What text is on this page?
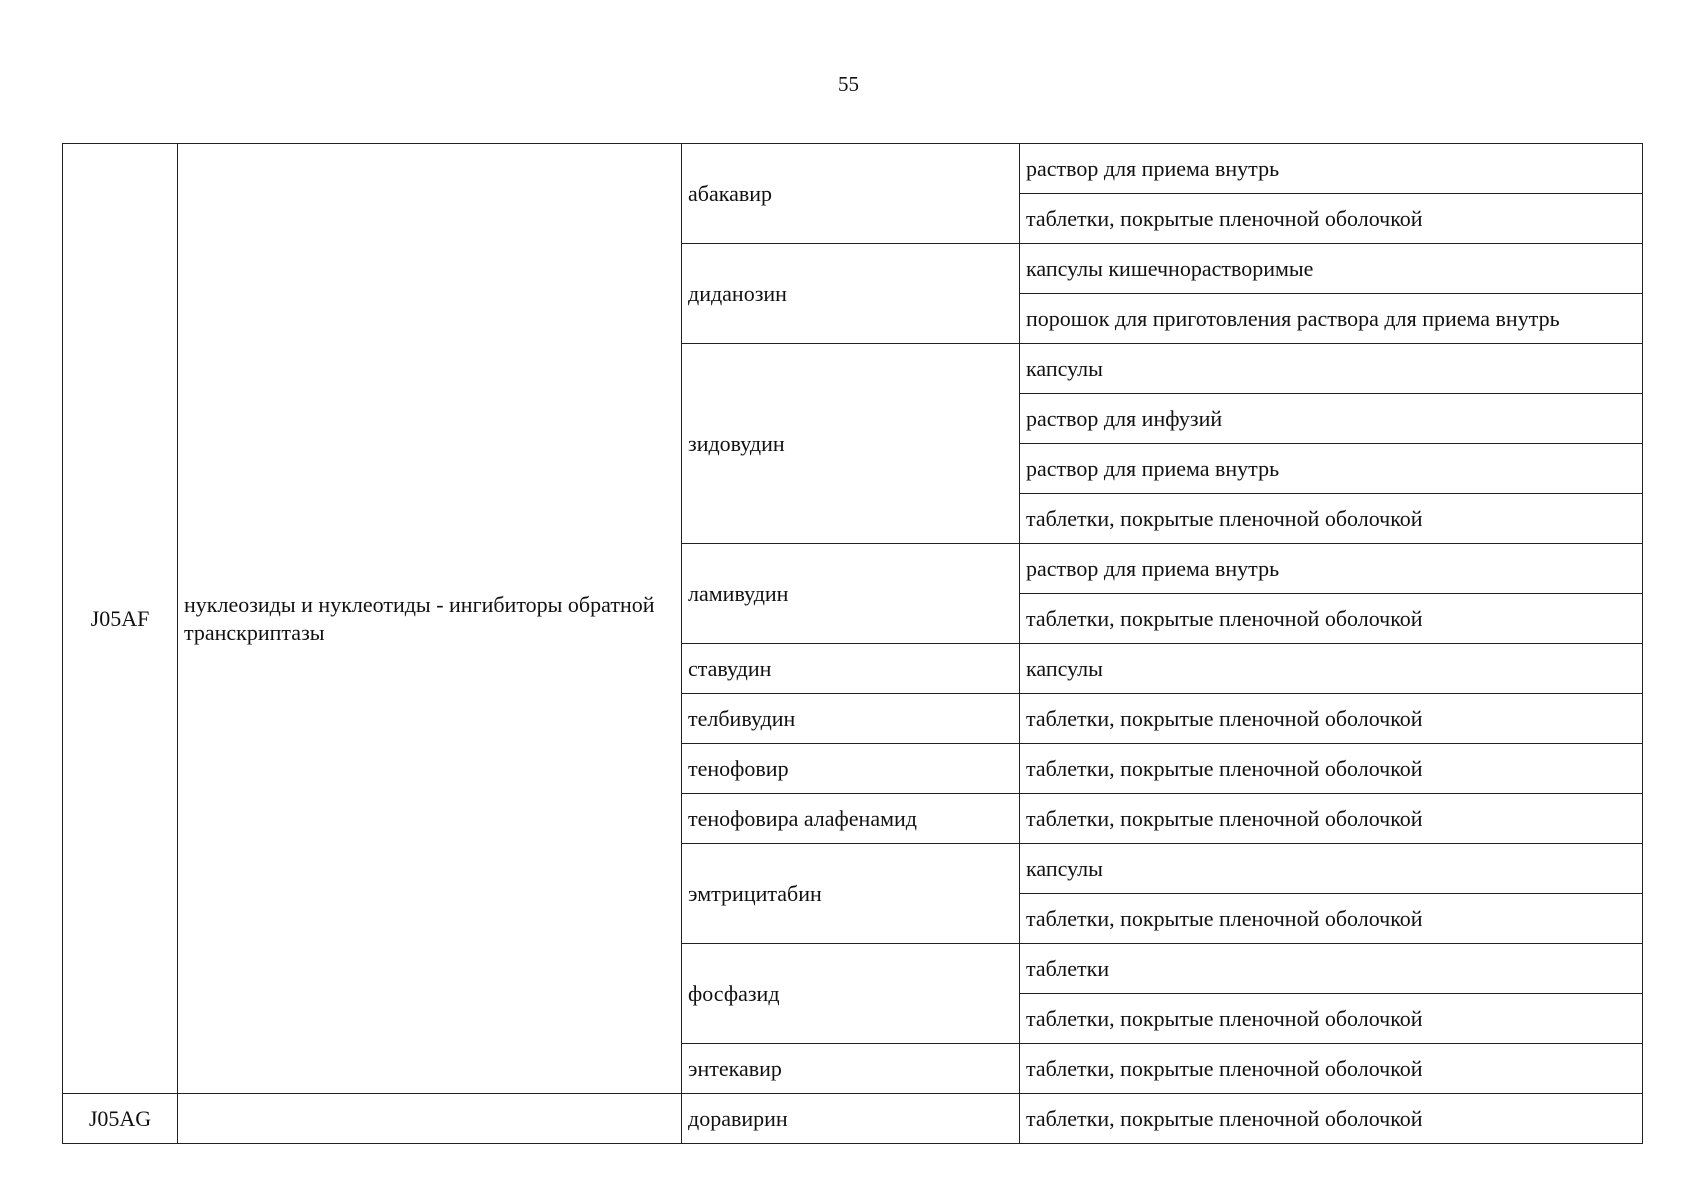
55
J05AF	нуклеозиды и нуклеотиды - ингибиторы обратной транскриптазы	абакавир	раствор для приема внутрь
			таблетки, покрытые пленочной оболочкой
		диданозин	капсулы кишечнорастворимые
			порошок для приготовления раствора для приема внутрь
		зидовудин	капсулы
			раствор для инфузий
			раствор для приема внутрь
			таблетки, покрытые пленочной оболочкой
		ламивудин	раствор для приема внутрь
			таблетки, покрытые пленочной оболочкой
		ставудин	капсулы
		телбивудин	таблетки, покрытые пленочной оболочкой
		тенофовир	таблетки, покрытые пленочной оболочкой
		тенофовира алафенамид	таблетки, покрытые пленочной оболочкой
		эмтрицитабин	капсулы
			таблетки, покрытые пленочной оболочкой
		фосфазид	таблетки
			таблетки, покрытые пленочной оболочкой
		энтекавир	таблетки, покрытые пленочной оболочкой
J05AG		доравирин	таблетки, покрытые пленочной оболочкой
